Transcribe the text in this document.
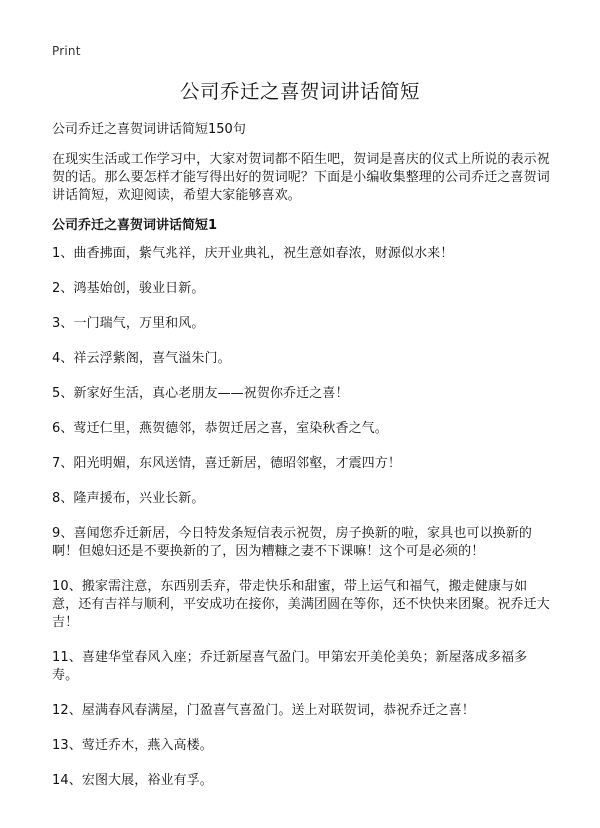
Print
公司乔迁之喜贺词讲话简短

公司乔迁之喜贺词讲话简短150句

在现实生活或工作学习中，大家对贺词都不陌生吧，贺词是喜庆的仪式上所说的表示祝贺的话。那么要怎样才能写得出好的贺词呢？下面是小编收集整理的公司乔迁之喜贺词讲话简短，欢迎阅读，希望大家能够喜欢。

公司乔迁之喜贺词讲话简短1

1、曲香拂面，紫气兆祥，庆开业典礼，祝生意如春浓，财源似水来！

2、鸿基始创，骏业日新。

3、一门瑞气，万里和风。

4、祥云浮紫阁，喜气溢朱门。

5、新家好生活，真心老朋友——祝贺你乔迁之喜！

6、莺迁仁里，燕贺德邻，恭贺迁居之喜，室染秋香之气。

7、阳光明媚，东风送情，喜迁新居，德昭邻壑，才震四方！

8、隆声援布，兴业长新。

9、喜闻您乔迁新居，今日特发条短信表示祝贺，房子换新的啦，家具也可以换新的啊！但媳妇还是不要换新的了，因为糟糠之妻不下课嘛！这个可是必须的！

10、搬家需注意，东西别丢弃，带走快乐和甜蜜，带上运气和福气，搬走健康与如意，还有吉祥与顺利，平安成功在接你，美满团圆在等你，还不快快来团聚。祝乔迁大吉！

11、喜建华堂春风入座；乔迁新屋喜气盈门。甲第宏开美伦美奂；新屋落成多福多寿。

12、屋满春风春满屋，门盈喜气喜盈门。送上对联贺词，恭祝乔迁之喜！

13、莺迁乔木，燕入高楼。

14、宏图大展，裕业有孚。
